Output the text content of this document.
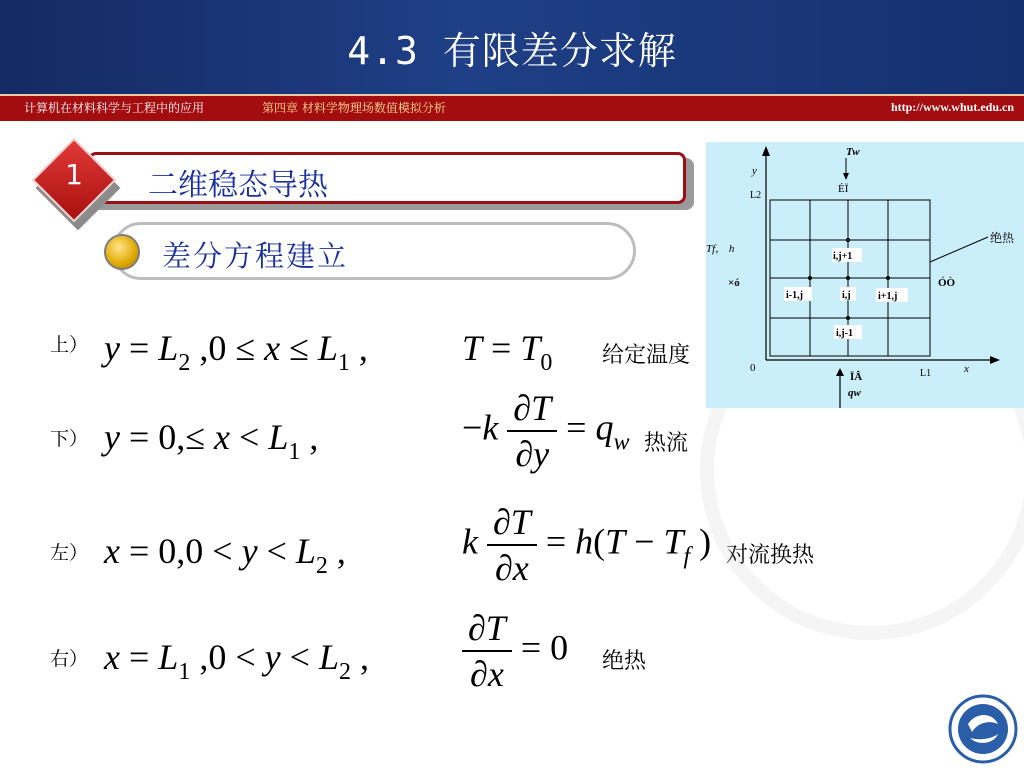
4.3 有限差分求解
计算机在材料科学与工程中的应用	第四章 材料学物理场数值模拟分析	http://www.whut.edu.cn
二维稳态导热
1
差分方程建立
上） $y = L_2$ $,0 \le x \le L_1$ ,	$T = T_0$ 给定温度
下） $y = 0,\le x < L_1$ ,	$-k \frac{\partial T}{\partial y} = q_w$ 热流
左） $x = 0,0 < y < L_2$ ,	k $\frac{\partial T}{\partial x} = h(T - T_f$ ) 对流换热
右） $x = L_1$ $,0 < y < L_2$ ,	$\frac{\partial T}{\partial x} = 0$ 绝热
i,j+1
i-1,j	i,j	i+1,j
i,j-1
y
x
0
Tw
ÉÏ
L2
L1
Tf， h
×ó	ÓÒ
ÏÂ
qw
绝热
